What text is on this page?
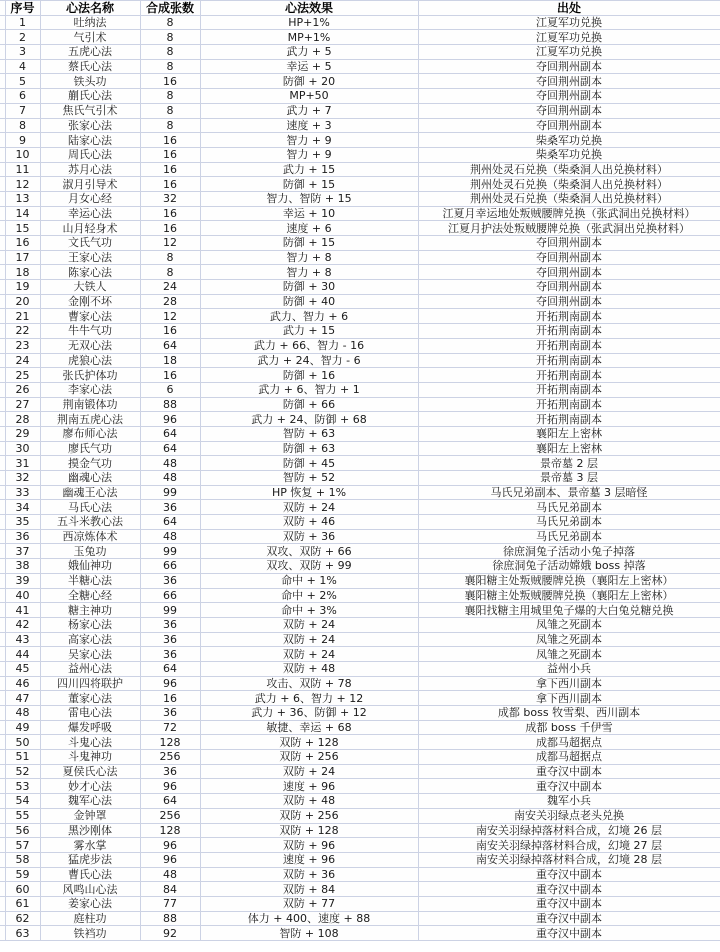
	序号	心法名称	合成张数	心法效果	出处
	1	吐纳法	8	HP+1%	江夏军功兑换
	2	气引术	8	MP+1%	江夏军功兑换
	3	五虎心法	8	武力 + 5	江夏军功兑换
	4	蔡氏心法	8	幸运 + 5	夺回荆州副本
	5	铁头功	16	防御 + 20	夺回荆州副本
	6	蒯氏心法	8	MP+50	夺回荆州副本
	7	焦氏气引术	8	武力 + 7	夺回荆州副本
	8	张家心法	8	速度 + 3	夺回荆州副本
	9	陆家心法	16	智力 + 9	柴桑军功兑换
	10	周氏心法	16	智力 + 9	柴桑军功兑换
	11	苏月心法	16	武力 + 15	荆州处灵石兑换（柴桑洞人出兑换材料）
	12	淑月引导术	16	防御 + 15	荆州处灵石兑换（柴桑洞人出兑换材料）
	13	月女心经	32	智力、智防 + 15	荆州处灵石兑换（柴桑洞人出兑换材料）
	14	幸运心法	16	幸运 + 10	江夏月幸运地处叛贼腰牌兑换（张武洞出兑换材料）
	15	山月轻身术	16	速度 + 6	江夏月护法处叛贼腰牌兑换（张武洞出兑换材料）
	16	文氏气功	12	防御 + 15	夺回荆州副本
	17	王家心法	8	智力 + 8	夺回荆州副本
	18	陈家心法	8	智力 + 8	夺回荆州副本
	19	大铁人	24	防御 + 30	夺回荆州副本
	20	金刚不坏	28	防御 + 40	夺回荆州副本
	21	曹家心法	12	武力、智力 + 6	开拓荆南副本
	22	牛牛气功	16	武力 + 15	开拓荆南副本
	23	无双心法	64	武力 + 66、智力 - 16	开拓荆南副本
	24	虎狼心法	18	武力 + 24、智力 - 6	开拓荆南副本
	25	张氏护体功	16	防御 + 16	开拓荆南副本
	26	李家心法	6	武力 + 6、智力 + 1	开拓荆南副本
	27	荆南锻体功	88	防御 + 66	开拓荆南副本
	28	荆南五虎心法	96	武力 + 24、防御 + 68	开拓荆南副本
	29	廖布师心法	64	智防 + 63	襄阳左上密林
	30	廖氏气功	64	防御 + 63	襄阳左上密林
	31	摸金气功	48	防御 + 45	景帝墓 2 层
	32	幽魂心法	48	智防 + 52	景帝墓 3 层
	33	幽魂王心法	99	HP 恢复 + 1%	马氏兄弟副本、景帝墓 3 层暗怪
	34	马氏心法	36	双防 + 24	马氏兄弟副本
	35	五斗米教心法	64	双防 + 46	马氏兄弟副本
	36	西凉炼体术	48	双防 + 36	马氏兄弟副本
	37	玉兔功	99	双攻、双防 + 66	徐庶洞兔子活动小兔子掉落
	38	娥仙神功	66	双攻、双防 + 99	徐庶洞兔子活动嫦娥 boss 掉落
	39	半糖心法	36	命中 + 1%	襄阳糖主处叛贼腰牌兑换（襄阳左上密林）
	40	全糖心经	66	命中 + 2%	襄阳糖主处叛贼腰牌兑换（襄阳左上密林）
	41	糖主神功	99	命中 + 3%	襄阳找糖主用城里兔子爆的大白兔兑糖兑换
	42	杨家心法	36	双防 + 24	凤雏之死副本
	43	高家心法	36	双防 + 24	凤雏之死副本
	44	吴家心法	36	双防 + 24	凤雏之死副本
	45	益州心法	64	双防 + 48	益州小兵
	46	四川四将联护	96	攻击、双防 + 78	拿下西川副本
	47	董家心法	16	武力 + 6、智力 + 12	拿下西川副本
	48	雷电心法	36	武力 + 36、防御 + 12	成都 boss 牧雪梨、西川副本
	49	爆发呼吸	72	敏捷、幸运 + 68	成都 boss 千伊雪
	50	斗鬼心法	128	双防 + 128	成都马超据点
	51	斗鬼神功	256	双防 + 256	成都马超据点
	52	夏侯氏心法	36	双防 + 24	重夺汉中副本
	53	妙才心法	96	速度 + 96	重夺汉中副本
	54	魏军心法	64	双防 + 48	魏军小兵
	55	金钟罩	256	双防 + 256	南安关羽绿点老头兑换
	56	黑沙刚体	128	双防 + 128	南安关羽绿掉落材料合成，幻境 26 层
	57	雾水掌	96	双防 + 96	南安关羽绿掉落材料合成，幻境 27 层
	58	猛虎步法	96	速度 + 96	南安关羽绿掉落材料合成，幻境 28 层
	59	曹氏心法	48	双防 + 36	重夺汉中副本
	60	风鸣山心法	84	双防 + 84	重夺汉中副本
	61	姜家心法	77	双防 + 77	重夺汉中副本
	62	庭柱功	88	体力 + 400、速度 + 88	重夺汉中副本
	63	铁裆功	92	智防 + 108	重夺汉中副本
